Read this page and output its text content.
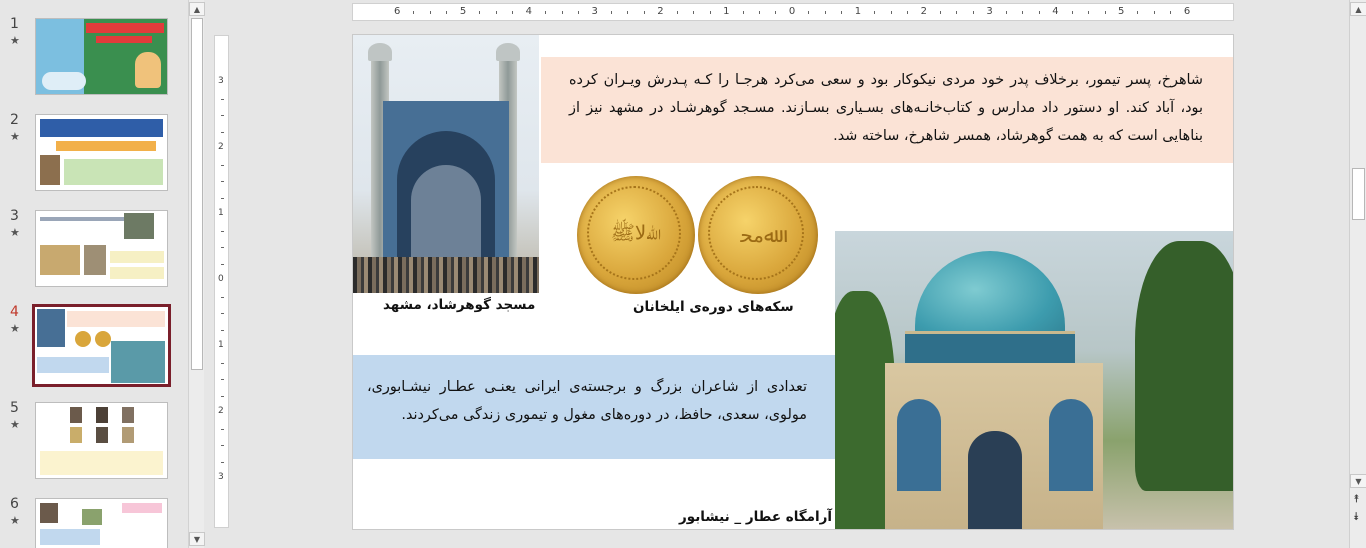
1
★
2
★
3
★
4
★
5
★
6
★
▲
▼
6	5	4	3	2	1	0	1	2	3	4	5	6
3
2
1
0
1
2
3
شاهرخ، پسر تیمور، برخلاف پدر خود مردی نیکوکار بود و سعی می‌کرد هرجـا را کـه پـدرش ویـران کرده بود، آباد کند. او دستور داد مدارس و کتاب‌خانـه‌های بسـیاری بسـازند. مسـجد گوهرشـاد در مشهد نیز از بناهایی است که به همت گوهرشاد، همسر شاهرخ، ساخته شد.
ﷲﻻﷺ	ﷲﻣﺤ
مسجد گوهرشاد، مشهد	سکه‌های دوره‌ی ایلخانان
تعدادی از شاعران بزرگ و برجسته‌ی ایرانی یعنـی عطـار نیشـابوری، مولوی، سعدی، حافظ، در دوره‌های مغول و تیموری زندگی می‌کردند.
آرامگاه عطار _ نیشابور
▲
▼
⯭
⯯
